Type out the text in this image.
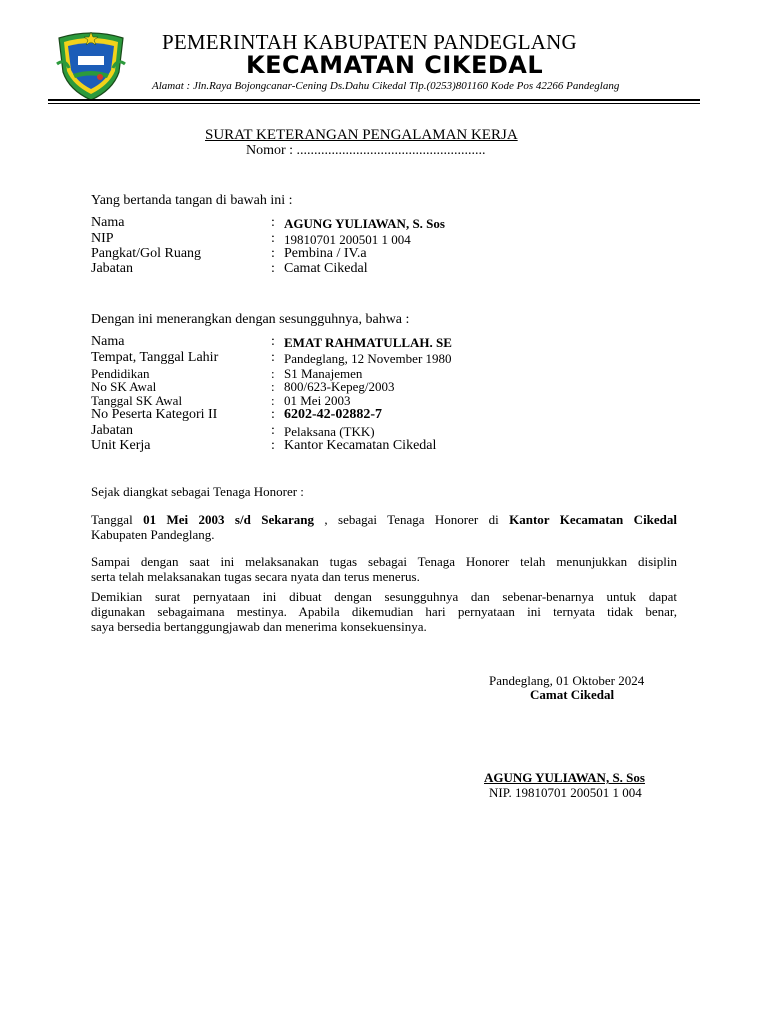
PEMERINTAH KABUPATEN PANDEGLANG
KECAMATAN CIKEDAL
Alamat : Jln.Raya Bojongcanar-Cening Ds.Dahu Cikedal Tlp.(0253)801160 Kode Pos 42266 Pandeglang
SURAT KETERANGAN PENGALAMAN KERJA
Nomor : ......................................................
Yang bertanda tangan di bawah ini :
Nama	: AGUNG YULIAWAN, S. Sos
NIP	: 19810701 200501 1 004
Pangkat/Gol Ruang	: Pembina / IV.a
Jabatan	: Camat Cikedal
Dengan ini menerangkan dengan sesungguhnya, bahwa :
Nama	: EMAT RAHMATULLAH. SE
Tempat, Tanggal Lahir	: Pandeglang, 12 November 1980
Pendidikan	: S1 Manajemen
No SK Awal	: 800/623-Kepeg/2003
Tanggal SK Awal	: 01 Mei 2003
No Peserta Kategori II	: 6202-42-02882-7
Jabatan	: Pelaksana (TKK)
Unit Kerja	: Kantor Kecamatan Cikedal
Sejak diangkat sebagai Tenaga Honorer :
Tanggal 01 Mei 2003 s/d Sekarang , sebagai Tenaga Honorer di Kantor Kecamatan Cikedal
Kabupaten Pandeglang.
Sampai dengan saat ini melaksanakan tugas sebagai Tenaga Honorer telah menunjukkan disiplin
serta telah melaksanakan tugas secara nyata dan terus menerus.
Demikian surat pernyataan ini dibuat dengan sesungguhnya dan sebenar-benarnya untuk dapat
digunakan sebagaimana mestinya. Apabila dikemudian hari pernyataan ini ternyata tidak benar,
saya bersedia bertanggungjawab dan menerima konsekuensinya.
Pandeglang, 01 Oktober 2024
Camat Cikedal
AGUNG YULIAWAN, S. Sos
NIP. 19810701 200501 1 004
